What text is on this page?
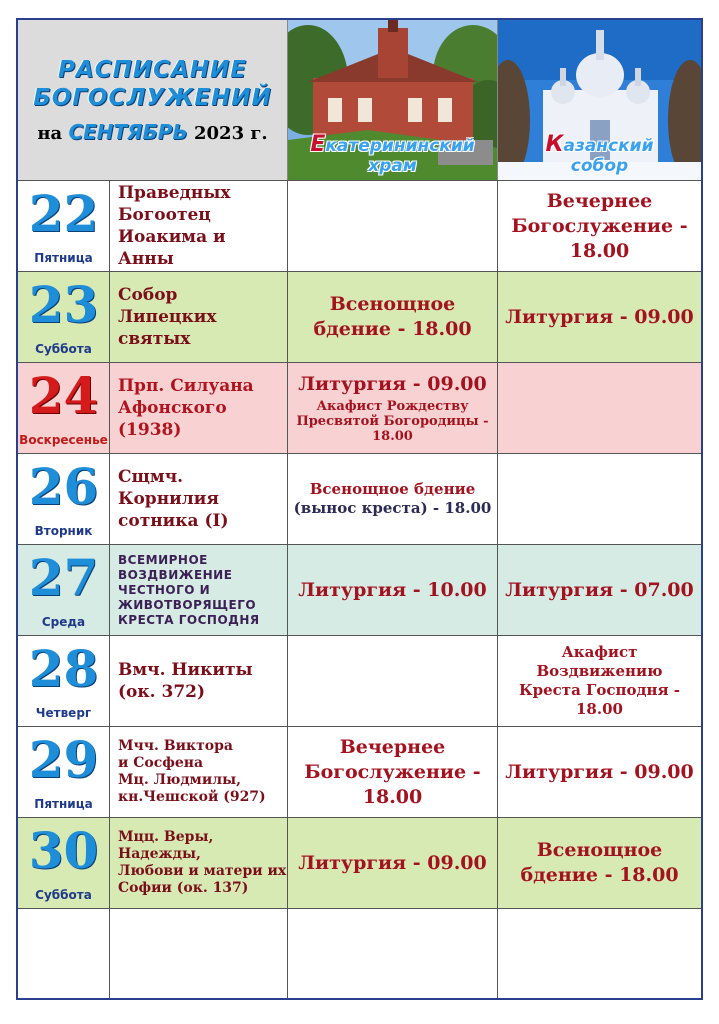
РАСПИСАНИЕ
БОГОСЛУЖЕНИЙ
на СЕНТЯБРЬ 2023 г.	Екатерининский
храм
Казанский
собор
22
Пятница
Праведных
Богоотец
Иоакима и Анны
Вечернее
Богослужение -
18.00
23
Суббота
Собор
Липецких святых
Всенощное
бдение - 18.00
Литургия - 09.00
24
Воскресенье
Прп. Силуана
Афонского (1938)
Литургия - 09.00
Акафист Рождеству
Пресвятой Богородицы -
18.00
26
Вторник
Сщмч. Корнилия
сотника (I)
Всенощное бдение
(вынос креста) - 18.00
27
Среда
ВСЕМИРНОЕ
ВОЗДВИЖЕНИЕ
ЧЕСТНОГО И
ЖИВОТВОРЯЩЕГО
КРЕСТА ГОСПОДНЯ
Литургия - 10.00 Литургия - 07.00
28
Четверг
Вмч. Никиты
(ок. 372)
Акафист
Воздвижению
Креста Господня -
18.00
29
Пятница
Мчч. Виктора
и Сосфена
Мц. Людмилы,
кн.Чешской (927)
Вечернее
Богослужение -
18.00
Литургия - 09.00
30
Суббота
Мцц. Веры,
Надежды,
Любови и матери их
Софии (ок. 137)
Литургия - 09.00
Всенощное
бдение - 18.00
